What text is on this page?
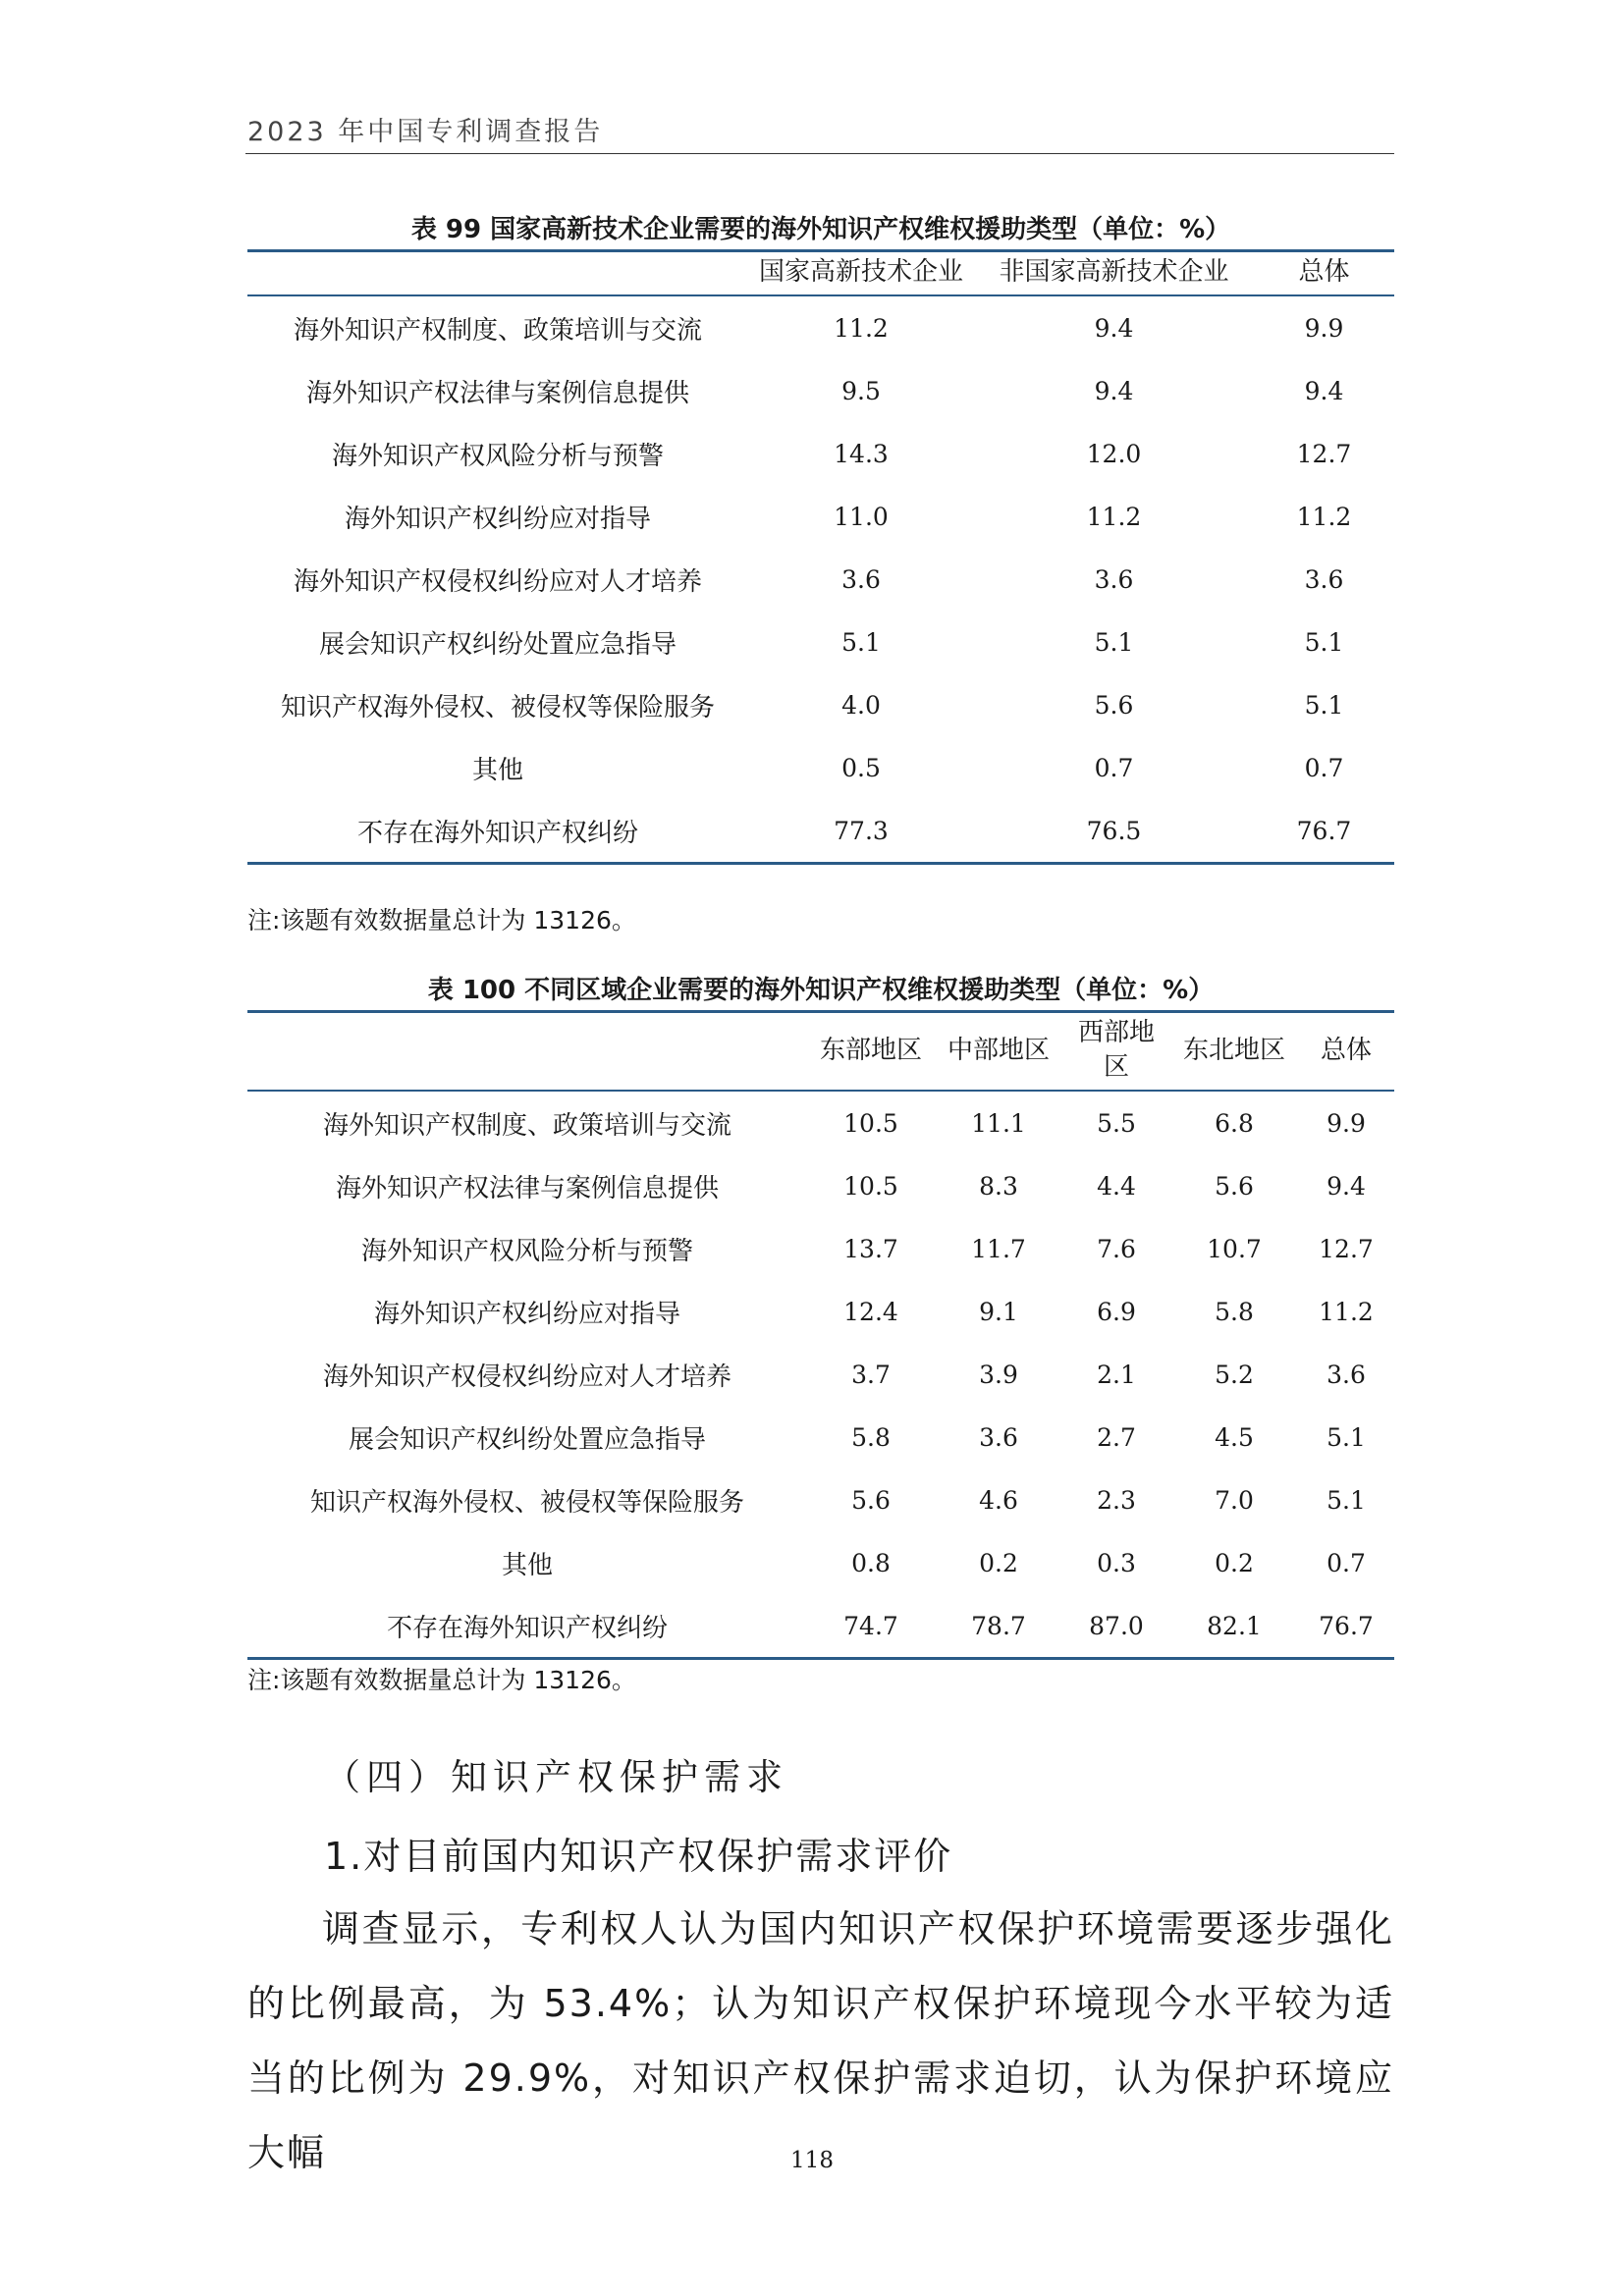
2023 年中国专利调查报告
表 99 国家高新技术企业需要的海外知识产权维权援助类型（单位：%）
	国家高新技术企业	非国家高新技术企业	总体
海外知识产权制度、政策培训与交流	11.2	9.4	9.9
海外知识产权法律与案例信息提供	9.5	9.4	9.4
海外知识产权风险分析与预警	14.3	12.0	12.7
海外知识产权纠纷应对指导	11.0	11.2	11.2
海外知识产权侵权纠纷应对人才培养	3.6	3.6	3.6
展会知识产权纠纷处置应急指导	5.1	5.1	5.1
知识产权海外侵权、被侵权等保险服务	4.0	5.6	5.1
其他	0.5	0.7	0.7
不存在海外知识产权纠纷	77.3	76.5	76.7
注:该题有效数据量总计为 13126。
表 100 不同区域企业需要的海外知识产权维权援助类型（单位：%）
	东部地区	中部地区	西部地区	东北地区	总体
海外知识产权制度、政策培训与交流	10.5	11.1	5.5	6.8	9.9
海外知识产权法律与案例信息提供	10.5	8.3	4.4	5.6	9.4
海外知识产权风险分析与预警	13.7	11.7	7.6	10.7	12.7
海外知识产权纠纷应对指导	12.4	9.1	6.9	5.8	11.2
海外知识产权侵权纠纷应对人才培养	3.7	3.9	2.1	5.2	3.6
展会知识产权纠纷处置应急指导	5.8	3.6	2.7	4.5	5.1
知识产权海外侵权、被侵权等保险服务	5.6	4.6	2.3	7.0	5.1
其他	0.8	0.2	0.3	0.2	0.7
不存在海外知识产权纠纷	74.7	78.7	87.0	82.1	76.7
注:该题有效数据量总计为 13126。
（四）知识产权保护需求
1.对目前国内知识产权保护需求评价
调查显示，专利权人认为国内知识产权保护环境需要逐步强化的比例最高，为 53.4%；认为知识产权保护环境现今水平较为适当的比例为 29.9%，对知识产权保护需求迫切，认为保护环境应大幅	118
